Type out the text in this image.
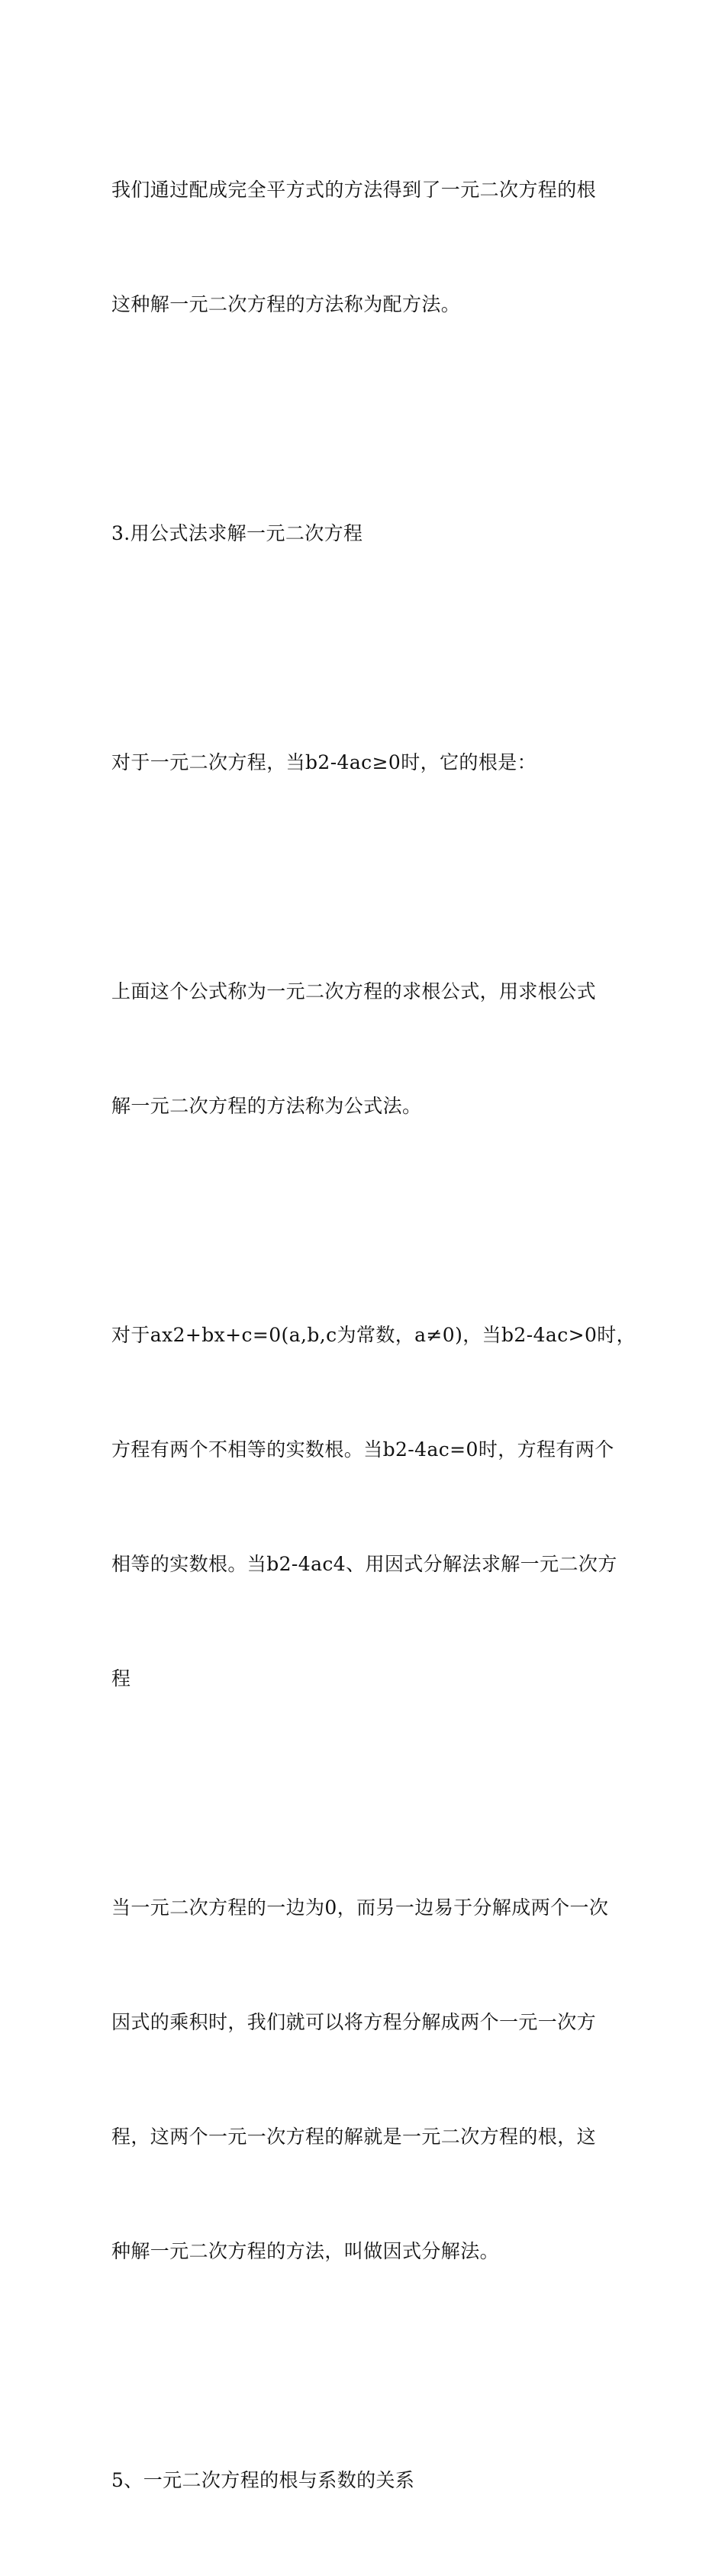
我们通过配成完全平方式的方法得到了一元二次方程的根

这种解一元二次方程的方法称为配方法。

3.用公式法求解一元二次方程

对于一元二次方程，当b2-4ac≥0时，它的根是：

上面这个公式称为一元二次方程的求根公式，用求根公式

解一元二次方程的方法称为公式法。

对于ax2+bx+c=0(a,b,c为常数，a≠0)，当b2-4ac>0时，

方程有两个不相等的实数根。当b2-4ac=0时，方程有两个

相等的实数根。当b2-4ac4、用因式分解法求解一元二次方

程

当一元二次方程的一边为0，而另一边易于分解成两个一次

因式的乘积时，我们就可以将方程分解成两个一元一次方

程，这两个一元一次方程的解就是一元二次方程的根，这

种解一元二次方程的方法，叫做因式分解法。

5、一元二次方程的根与系数的关系
